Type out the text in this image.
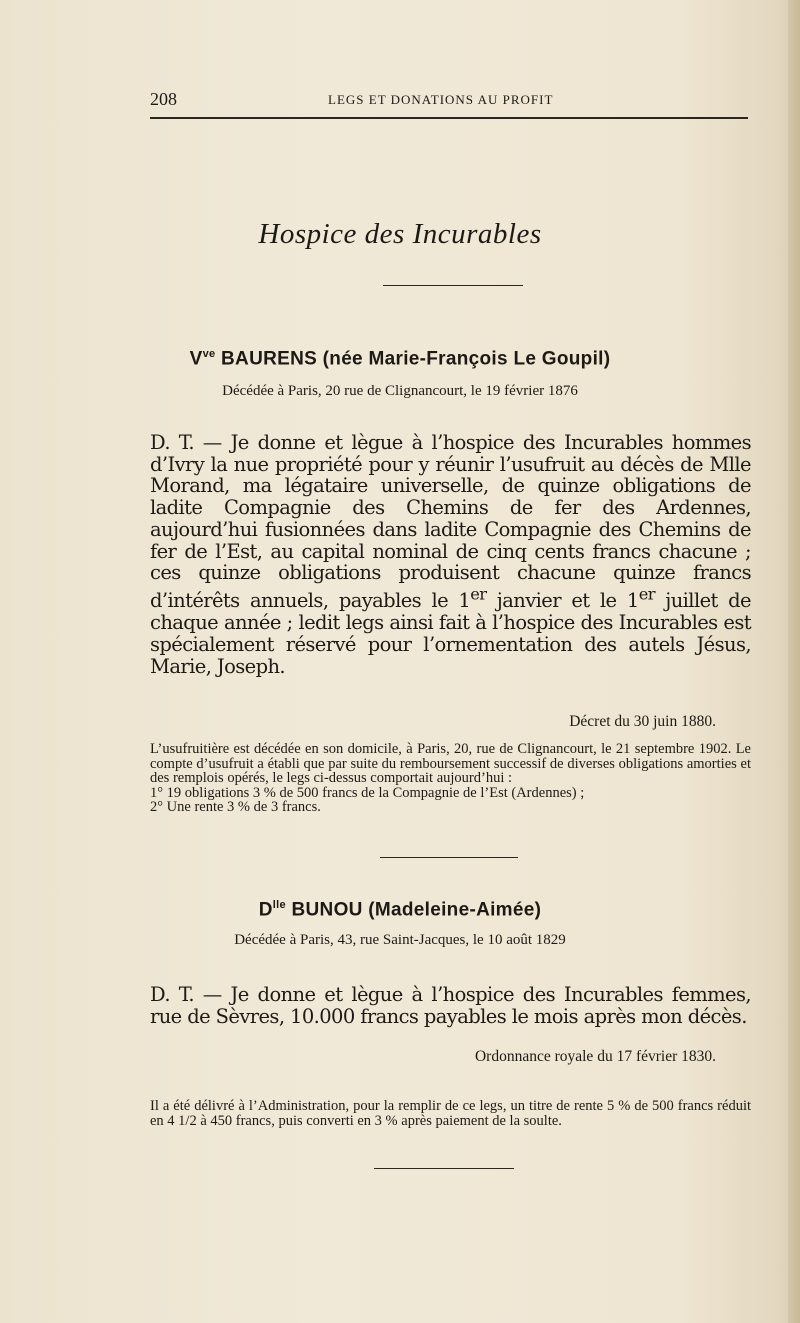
208	LEGS ET DONATIONS AU PROFIT
Hospice des Incurables
$V^{ve}$ BAURENS (née Marie-François Le Goupil)
Décédée à Paris, 20 rue de Clignancourt, le 19 février 1876
D. T. — Je donne et lègue à l’hospice des Incurables hommes d’Ivry la nue propriété pour y réunir l’usufruit au décès de Mlle Morand, ma légataire universelle, de quinze obligations de ladite Compagnie des Chemins de fer des Ardennes, aujourd’hui fusionnées dans ladite Compagnie des Chemins de fer de l’Est, au capital nominal de cinq cents francs chacune ; ces quinze obligations produisent chacune quinze francs d’intérêts annuels, payables le 1er janvier et le 1er juillet de chaque année ; ledit legs ainsi fait à l’hospice des Incurables est spécialement réservé pour l’ornementation des autels Jésus, Marie, Joseph.
Décret du 30 juin 1880.
L’usufruitière est décédée en son domicile, à Paris, 20, rue de Clignancourt, le 21 septembre 1902. Le compte d’usufruit a établi que par suite du remboursement successif de diverses obligations amorties et des remplois opérés, le legs ci-dessus comportait aujourd’hui :
1° 19 obligations 3 % de 500 francs de la Compagnie de l’Est (Ardennes) ;
2° Une rente 3 % de 3 francs.
$D^{lle}$ BUNOU (Madeleine-Aimée)
Décédée à Paris, 43, rue Saint-Jacques, le 10 août 1829
D. T. — Je donne et lègue à l’hospice des Incurables femmes, rue de Sèvres, 10.000 francs payables le mois après mon décès.
Ordonnance royale du 17 février 1830.
Il a été délivré à l’Administration, pour la remplir de ce legs, un titre de rente 5 % de 500 francs réduit en 4 1/2 à 450 francs, puis converti en 3 % après paiement de la soulte.
